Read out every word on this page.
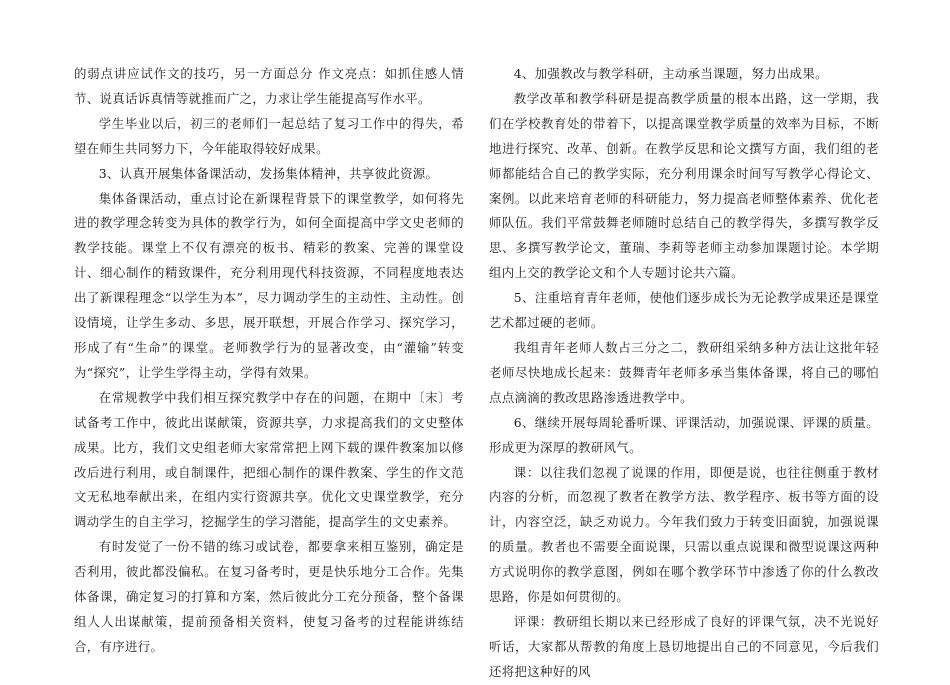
的弱点讲应试作文的技巧，另一方面总分 作文亮点：如抓住感人情节、说真话诉真情等就推而广之，力求让学生能提高写作水平。

学生毕业以后，初三的老师们一起总结了复习工作中的得失，希望在师生共同努力下，今年能取得较好成果。

3、认真开展集体备课活动，发扬集体精神，共享彼此资源。

集体备课活动，重点讨论在新课程背景下的课堂教学，如何将先进的教学理念转变为具体的教学行为，如何全面提高中学文史老师的教学技能。课堂上不仅有漂亮的板书、精彩的教案、完善的课堂设计、细心制作的精致课件，充分利用现代科技资源，不同程度地表达出了新课程理念“以学生为本”，尽力调动学生的主动性、主动性。创设情境，让学生多动、多思，展开联想，开展合作学习、探究学习，形成了有“生命”的课堂。老师教学行为的显著改变，由“灌输”转变为“探究”，让学生学得主动，学得有效果。

在常规教学中我们相互探究教学中存在的问题，在期中〔末〕考试备考工作中，彼此出谋献策，资源共享，力求提高我们的文史整体成果。比方，我们文史组老师大家常常把上网下载的课件教案加以修改后进行利用，或自制课件，把细心制作的课件教案、学生的作文范文无私地奉献出来，在组内实行资源共享。优化文史课堂教学，充分调动学生的自主学习，挖掘学生的学习潜能，提高学生的文史素养。

有时发觉了一份不错的练习或试卷，都要拿来相互鉴别，确定是否利用，彼此都没偏私。在复习备考时，更是快乐地分工合作。先集体备课，确定复习的打算和方案，然后彼此分工充分预备，整个备课组人人出谋献策，提前预备相关资料，使复习备考的过程能讲练结合，有序进行。

4、加强教改与教学科研，主动承当课题，努力出成果。

教学改革和教学科研是提高教学质量的根本出路，这一学期，我们在学校教育处的带着下，以提高课堂教学质量的效率为目标，不断地进行探究、改革、创新。在教学反思和论文撰写方面，我们组的老师都能结合自己的教学实际，充分利用课余时间写写教学心得论文、案例。以此来培育老师的科研能力，努力提高老师整体素养、优化老师队伍。我们平常鼓舞老师随时总结自己的教学得失，多撰写教学反思、多撰写教学论文，董瑞、李莉等老师主动参加课题讨论。本学期组内上交的教学论文和个人专题讨论共六篇。

5、注重培育青年老师，使他们逐步成长为无论教学成果还是课堂艺术都过硬的老师。

我组青年老师人数占三分之二，教研组采纳多种方法让这批年轻老师尽快地成长起来：鼓舞青年老师多承当集体备课，将自己的哪怕点点滴滴的教改思路渗透进教学中。

6、继续开展每周轮番听课、评课活动，加强说课、评课的质量。形成更为深厚的教研风气。

课：以往我们忽视了说课的作用，即便是说，也往往侧重于教材内容的分析，而忽视了教者在教学方法、教学程序、板书等方面的设计，内容空泛，缺乏劝说力。今年我们致力于转变旧面貌，加强说课的质量。教者也不需要全面说课，只需以重点说课和微型说课这两种方式说明你的教学意图，例如在哪个教学环节中渗透了你的什么教改思路，你是如何贯彻的。

评课：教研组长期以来已经形成了良好的评课气氛，决不光说好听话，大家都从帮教的角度上恳切地提出自己的不同意见，今后我们还将把这种好的风
